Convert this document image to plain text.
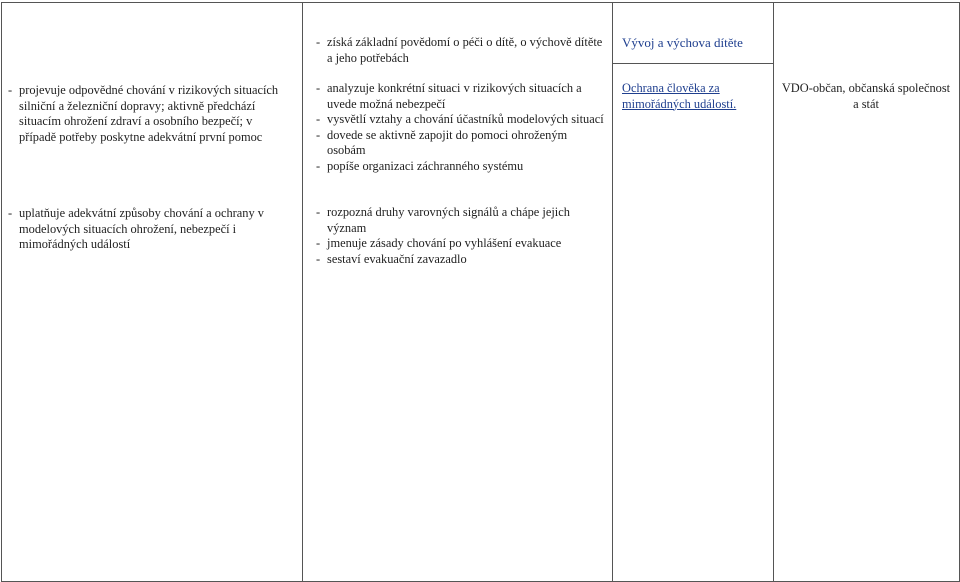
- projevuje odpovědné chování v rizikových situacích silniční a železniční dopravy; aktivně předchází situacím ohrožení zdraví a osobního bezpečí; v případě potřeby poskytne adekvátní první pomoc
- uplatňuje adekvátní způsoby chování a ochrany v modelových situacích ohrožení, nebezpečí i mimořádných událostí
- získá základní povědomí o péči o dítě, o výchově dítěte a jeho potřebách
- analyzuje konkrétní situaci v rizikových situacích a uvede možná nebezpečí
- vysvětlí vztahy a chování účastníků modelových situací
- dovede se aktivně zapojit do pomoci ohroženým osobám
- popíše organizaci záchranného systému
- rozpozná druhy varovných signálů a chápe jejich význam
- jmenuje zásady chování po vyhlášení evakuace
- sestaví evakuační zavazadlo
Vývoj a výchova dítěte
Ochrana člověka za mimořádných událostí.
VDO-občan, občanská společnost a stát
